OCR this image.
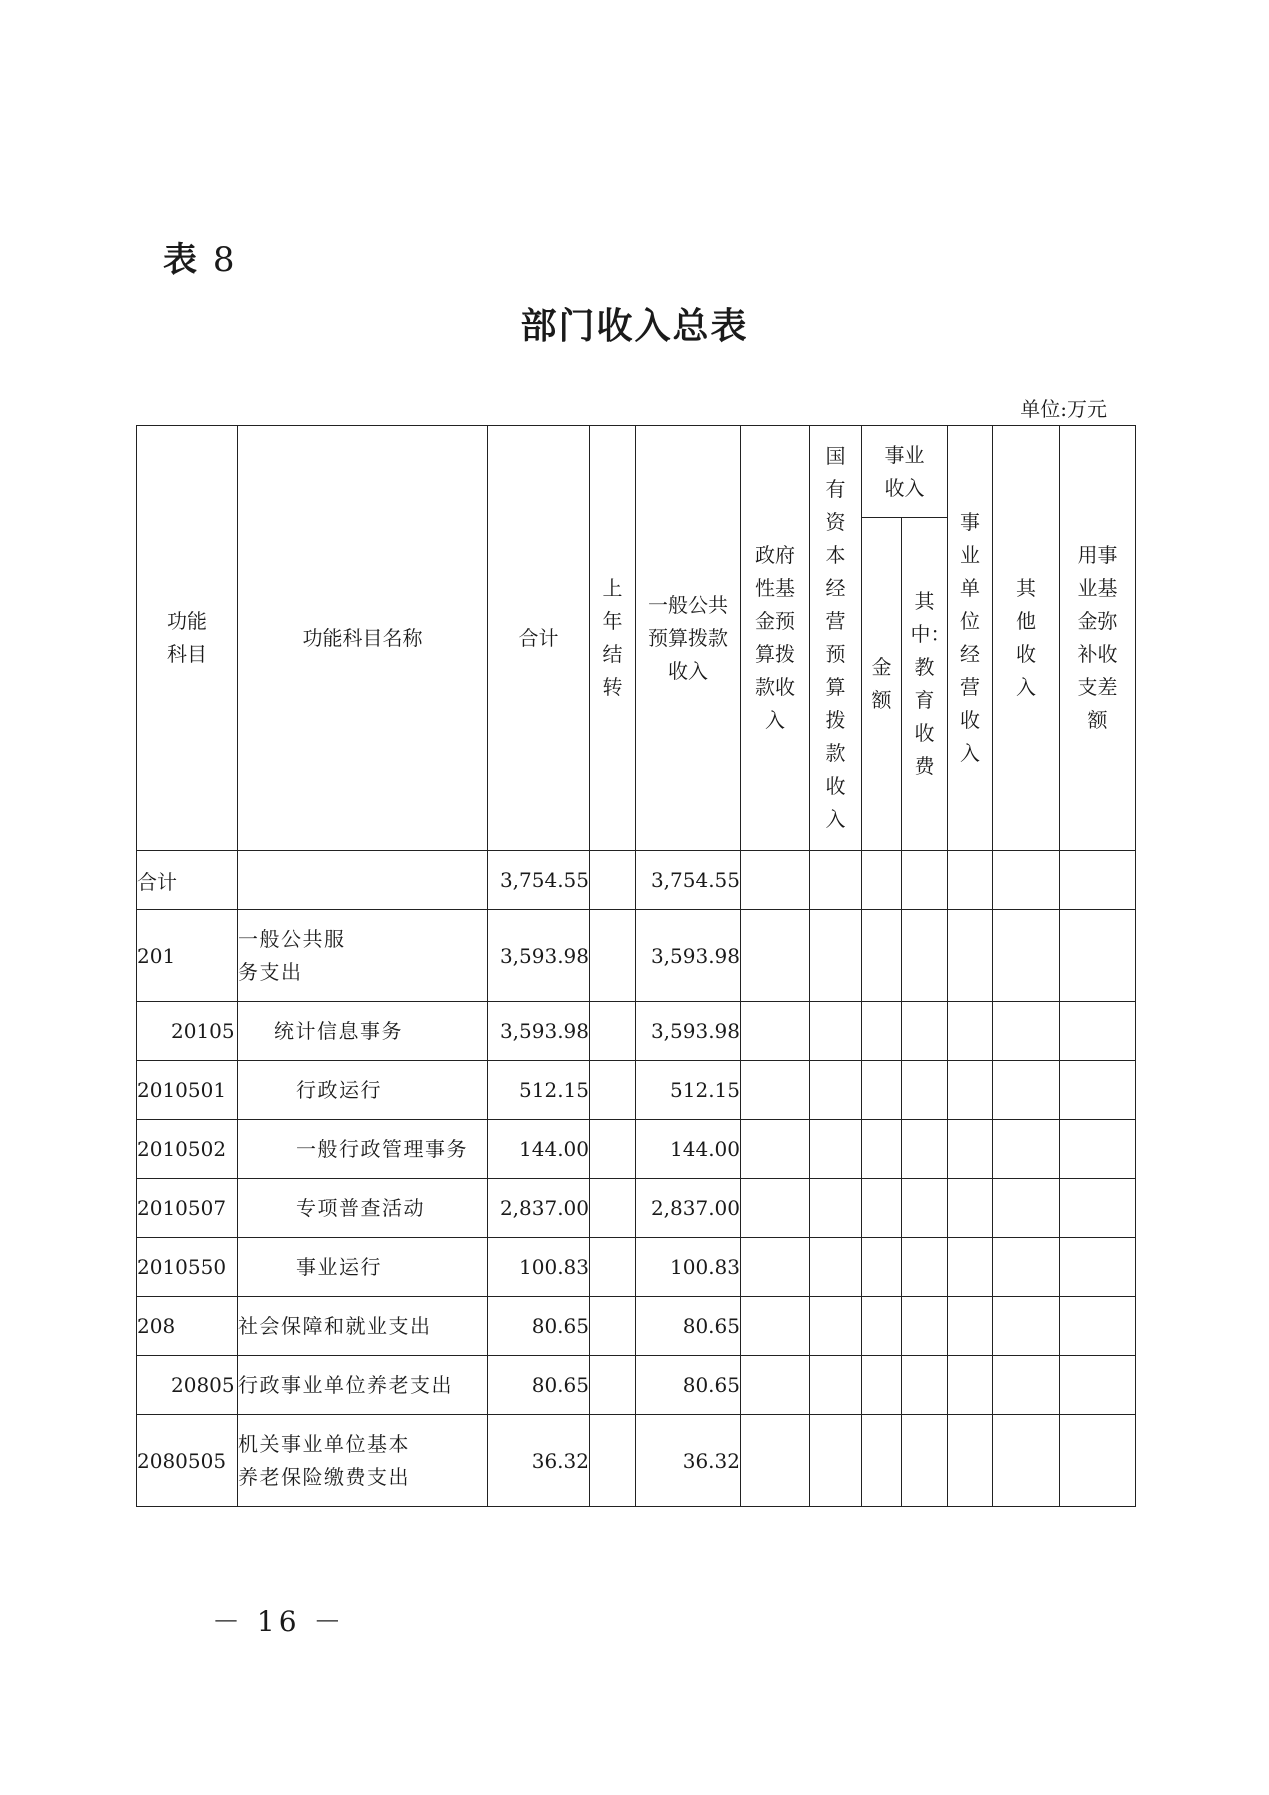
表 8
部门收入总表
单位:万元
功能科目	功能科目名称	合计	上年结转	一般公共预算拨款收入	政府性基金预算拨款收入	国有资本经营预算拨款收入	事业收入		事业单位经营收入	其他收入	用事业基金弥补收支差额
							金额	其中：教育收费			
合计		3,754.55		3,754.55							
201	一般公共服务支出	3,593.98		3,593.98							
20105	统计信息事务	3,593.98		3,593.98							
2010501	行政运行	512.15		512.15							
2010502	一般行政管理事务	144.00		144.00							
2010507	专项普查活动	2,837.00		2,837.00							
2010550	事业运行	100.83		100.83							
208	社会保障和就业支出	80.65		80.65							
20805	行政事业单位养老支出	80.65		80.65							
2080505	机关事业单位基本养老保险缴费支出	36.32		36.32							
－ 16 －
